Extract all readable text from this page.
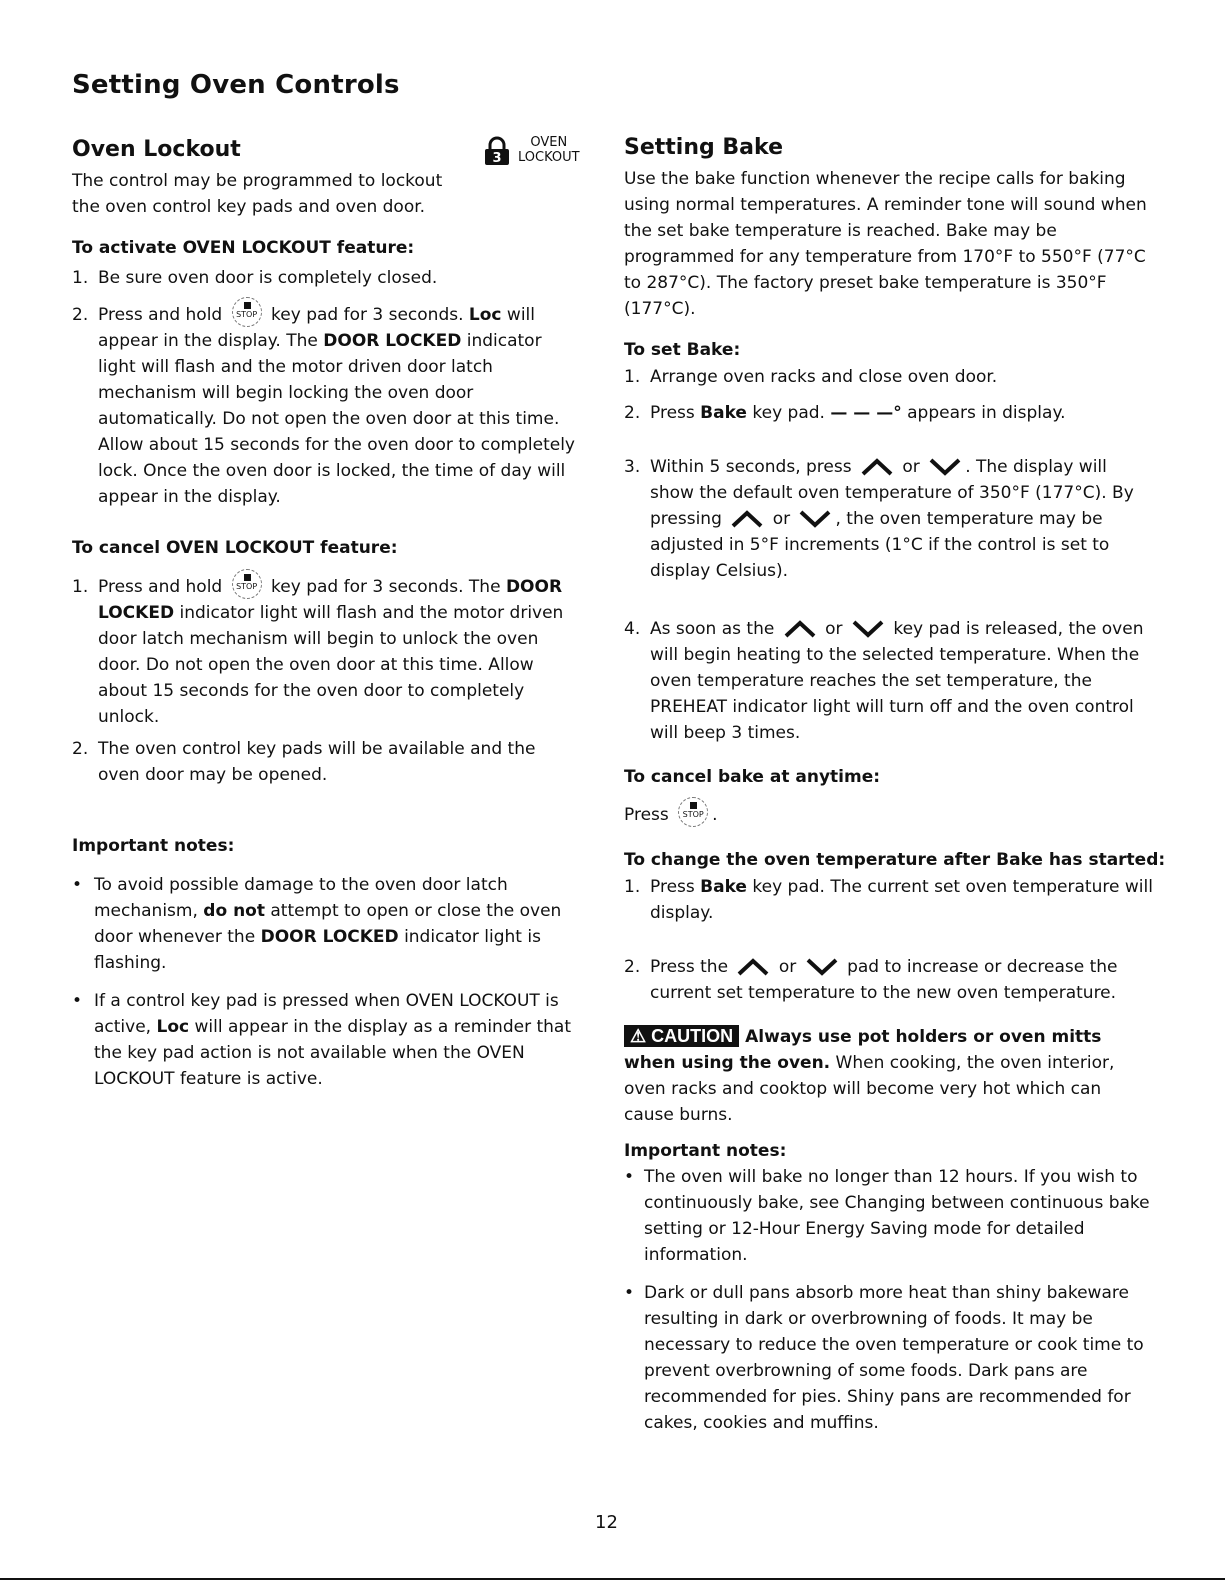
Setting Oven Controls
Oven Lockout

The control may be programmed to lockout the oven control key pads and oven door.

To activate OVEN LOCKOUT feature:

1. Be sure oven door is completely closed.
2. Press and hold	STOP key pad for 3 seconds. Loc will appear in the display. The DOOR LOCKED indicator light will flash and the motor driven door latch mechanism will begin locking the oven door automatically. Do not open the oven door at this time. Allow about 15 seconds for the oven door to completely lock. Once the oven door is locked, the time of day will appear in the display.

To cancel OVEN LOCKOUT feature:

1. Press and hold	STOP key pad for 3 seconds. The DOOR LOCKED indicator light will flash and the motor driven door latch mechanism will begin to unlock the oven door. Do not open the oven door at this time. Allow about 15 seconds for the oven door to completely unlock.
2. The oven control key pads will be available and the oven door may be opened.

Important notes:

• To avoid possible damage to the oven door latch mechanism, do not attempt to open or close the oven door whenever the DOOR LOCKED indicator light is flashing.
• If a control key pad is pressed when OVEN LOCKOUT is active, Loc will appear in the display as a reminder that the key pad action is not available when the OVEN LOCKOUT feature is active.
3
OVEN
LOCKOUT Setting Bake

Use the bake function whenever the recipe calls for baking using normal temperatures. A reminder tone will sound when the set bake temperature is reached. Bake may be programmed for any temperature from 170°F to 550°F (77°C to 287°C). The factory preset bake temperature is 350°F (177°C).

To set Bake:

1. Arrange oven racks and close oven door.
2. Press Bake key pad. — — —° appears in display.
3. Within 5 seconds, press	or	. The display will show the default oven temperature of 350°F (177°C). By pressing	or	, the oven temperature may be adjusted in 5°F increments (1°C if the control is set to display Celsius).
4. As soon as the	or	key pad is released, the oven will begin heating to the selected temperature. When the oven temperature reaches the set temperature, the PREHEAT indicator light will turn off and the oven control will beep 3 times.

To cancel bake at anytime:

Press	STOP .

To change the oven temperature after Bake has started:

1. Press Bake key pad. The current set oven temperature will display.
2. Press the	or	pad to increase or decrease the current set temperature to the new oven temperature.
⚠ CAUTION Always use pot holders or oven mitts when using the oven. When cooking, the oven interior, oven racks and cooktop will become very hot which can cause burns.

Important notes:

• The oven will bake no longer than 12 hours. If you wish to continuously bake, see Changing between continuous bake setting or 12-Hour Energy Saving mode for detailed information.
• Dark or dull pans absorb more heat than shiny bakeware resulting in dark or overbrowning of foods. It may be necessary to reduce the oven temperature or cook time to prevent overbrowning of some foods. Dark pans are recommended for pies. Shiny pans are recommended for cakes, cookies and muffins.
12
